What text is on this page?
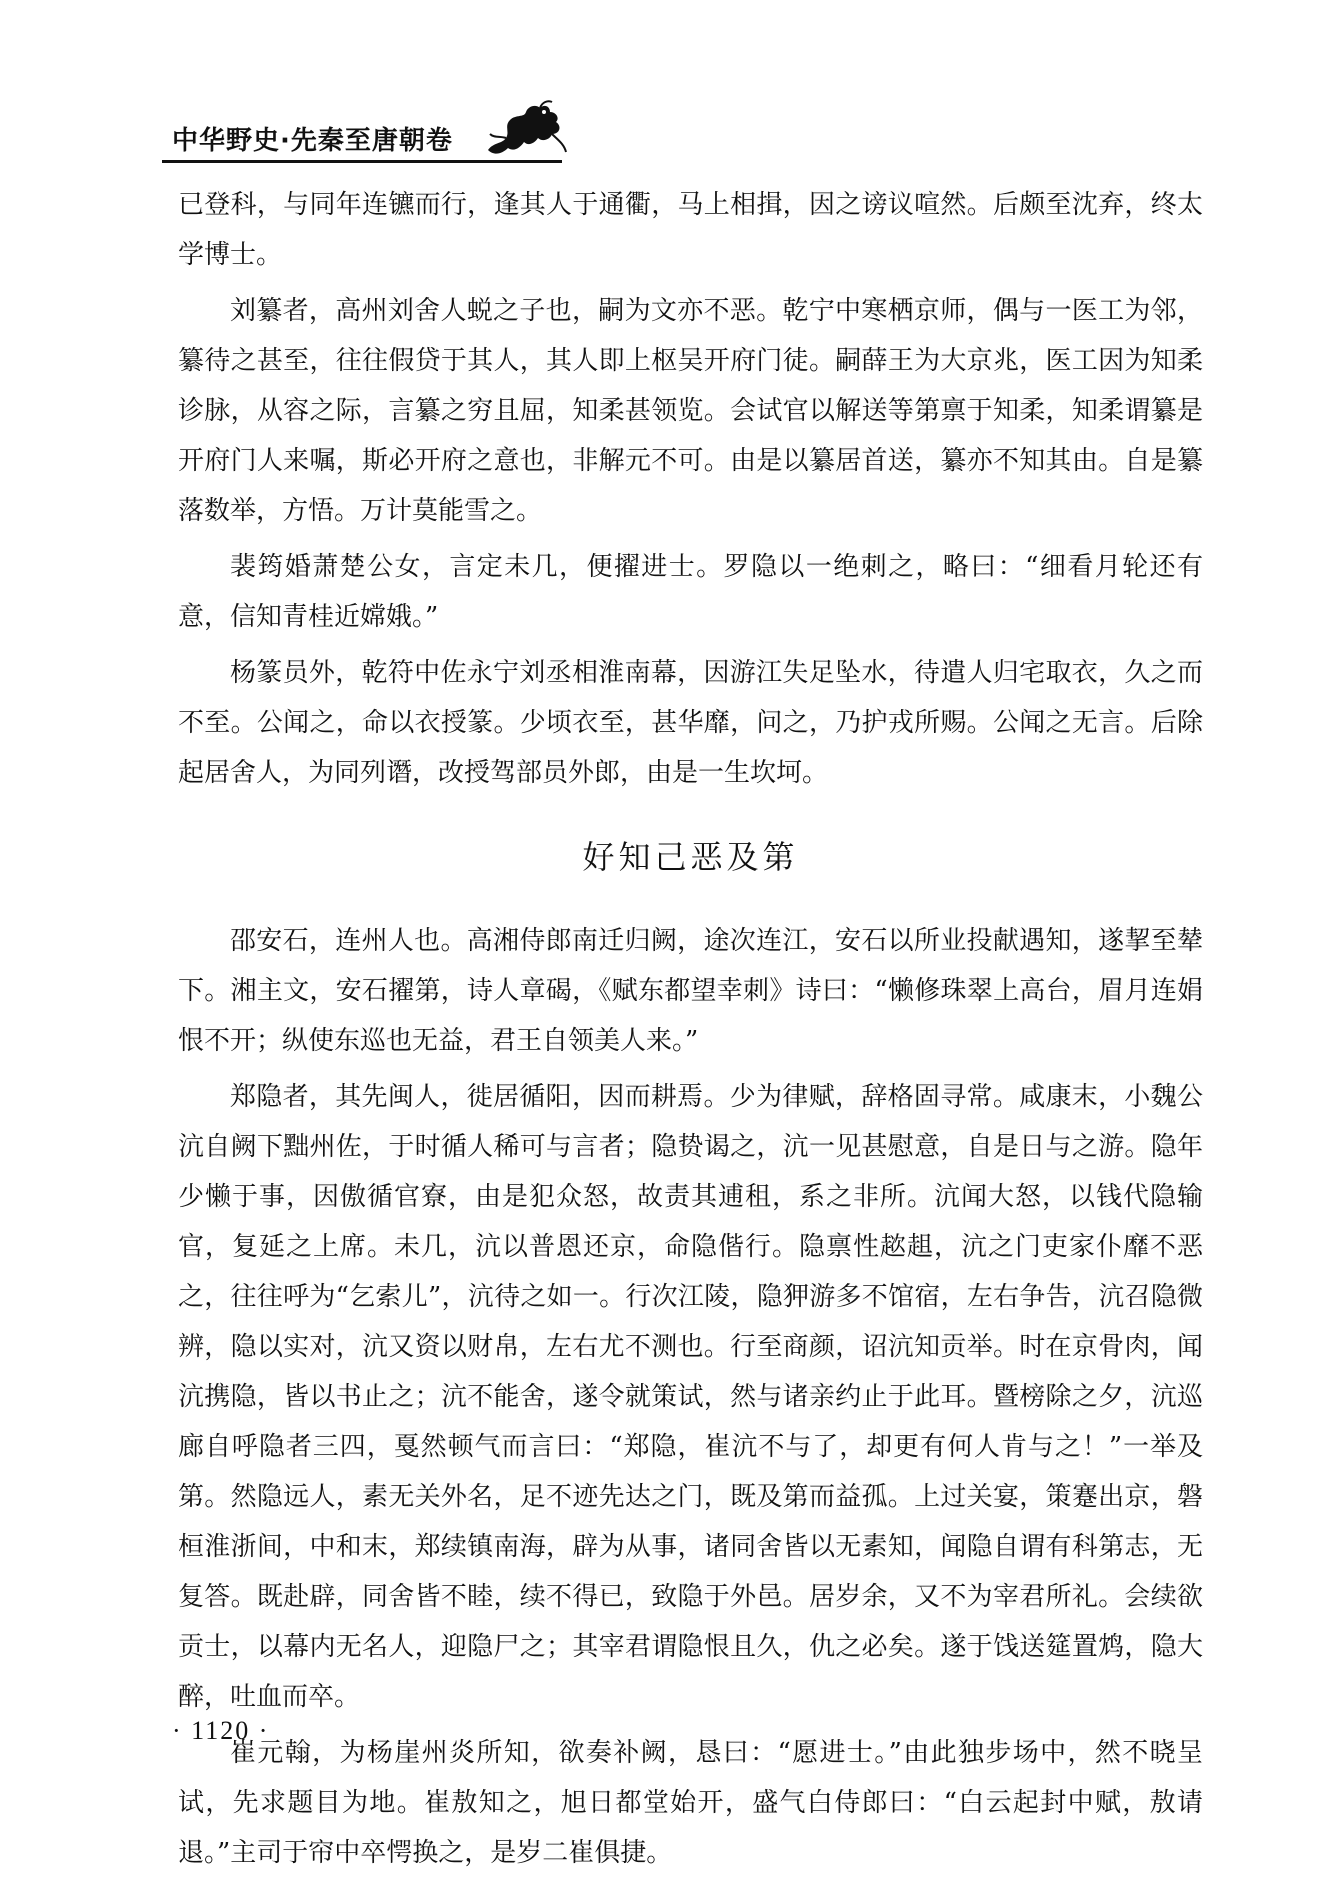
中华野史·先秦至唐朝卷

已登科，与同年连镳而行，逢其人于通衢，马上相揖，因之谤议喧然。后颇至沈弃，终太学博士。

刘纂者，高州刘舍人蜕之子也，嗣为文亦不恶。乾宁中寒栖京师，偶与一医工为邻，纂待之甚至，往往假贷于其人，其人即上枢吴开府门徒。嗣薛王为大京兆，医工因为知柔诊脉，从容之际，言纂之穷且屈，知柔甚领览。会试官以解送等第禀于知柔，知柔谓纂是开府门人来嘱，斯必开府之意也，非解元不可。由是以纂居首送，纂亦不知其由。自是纂落数举，方悟。万计莫能雪之。

裴筠婚萧楚公女，言定未几，便擢进士。罗隐以一绝刺之，略曰：“细看月轮还有意，信知青桂近嫦娥。”

杨篆员外，乾符中佐永宁刘丞相淮南幕，因游江失足坠水，待遣人归宅取衣，久之而不至。公闻之，命以衣授篆。少顷衣至，甚华靡，问之，乃护戎所赐。公闻之无言。后除起居舍人，为同列谮，改授驾部员外郎，由是一生坎坷。

好知己恶及第

邵安石，连州人也。高湘侍郎南迁归阙，途次连江，安石以所业投献遇知，遂挈至辇下。湘主文，安石擢第，诗人章碣，《赋东都望幸刺》诗曰：“懒修珠翠上高台，眉月连娟恨不开；纵使东巡也无益，君王自领美人来。”

郑隐者，其先闽人，徙居循阳，因而耕焉。少为律赋，辞格固寻常。咸康末，小魏公沆自阙下黜州佐，于时循人稀可与言者；隐贽谒之，沆一见甚慰意，自是日与之游。隐年少懒于事，因傲循官寮，由是犯众怒，故责其逋租，系之非所。沆闻大怒，以钱代隐输官，复延之上席。未几，沆以普恩还京，命隐偕行。隐禀性趑趄，沆之门吏家仆靡不恶之，往往呼为“乞索儿”，沆待之如一。行次江陵，隐狎游多不馆宿，左右争告，沆召隐微辨，隐以实对，沆又资以财帛，左右尤不测也。行至商颜，诏沆知贡举。时在京骨肉，闻沆携隐，皆以书止之；沆不能舍，遂令就策试，然与诸亲约止于此耳。暨榜除之夕，沆巡廊自呼隐者三四，戛然顿气而言曰：“郑隐，崔沆不与了，却更有何人肯与之！”一举及第。然隐远人，素无关外名，足不迹先达之门，既及第而益孤。上过关宴，策蹇出京，磐桓淮浙间，中和末，郑续镇南海，辟为从事，诸同舍皆以无素知，闻隐自谓有科第志，无复答。既赴辟，同舍皆不睦，续不得已，致隐于外邑。居岁余，又不为宰君所礼。会续欲贡士，以幕内无名人，迎隐尸之；其宰君谓隐恨且久，仇之必矣。遂于饯送筵置鸩，隐大醉，吐血而卒。

崔元翰，为杨崖州炎所知，欲奏补阙，恳曰：“愿进士。”由此独步场中，然不晓呈试，先求题目为地。崔敖知之，旭日都堂始开，盛气白侍郎曰：“白云起封中赋，敖请退。”主司于帘中卒愕换之，是岁二崔俱捷。

· 1120 ·
